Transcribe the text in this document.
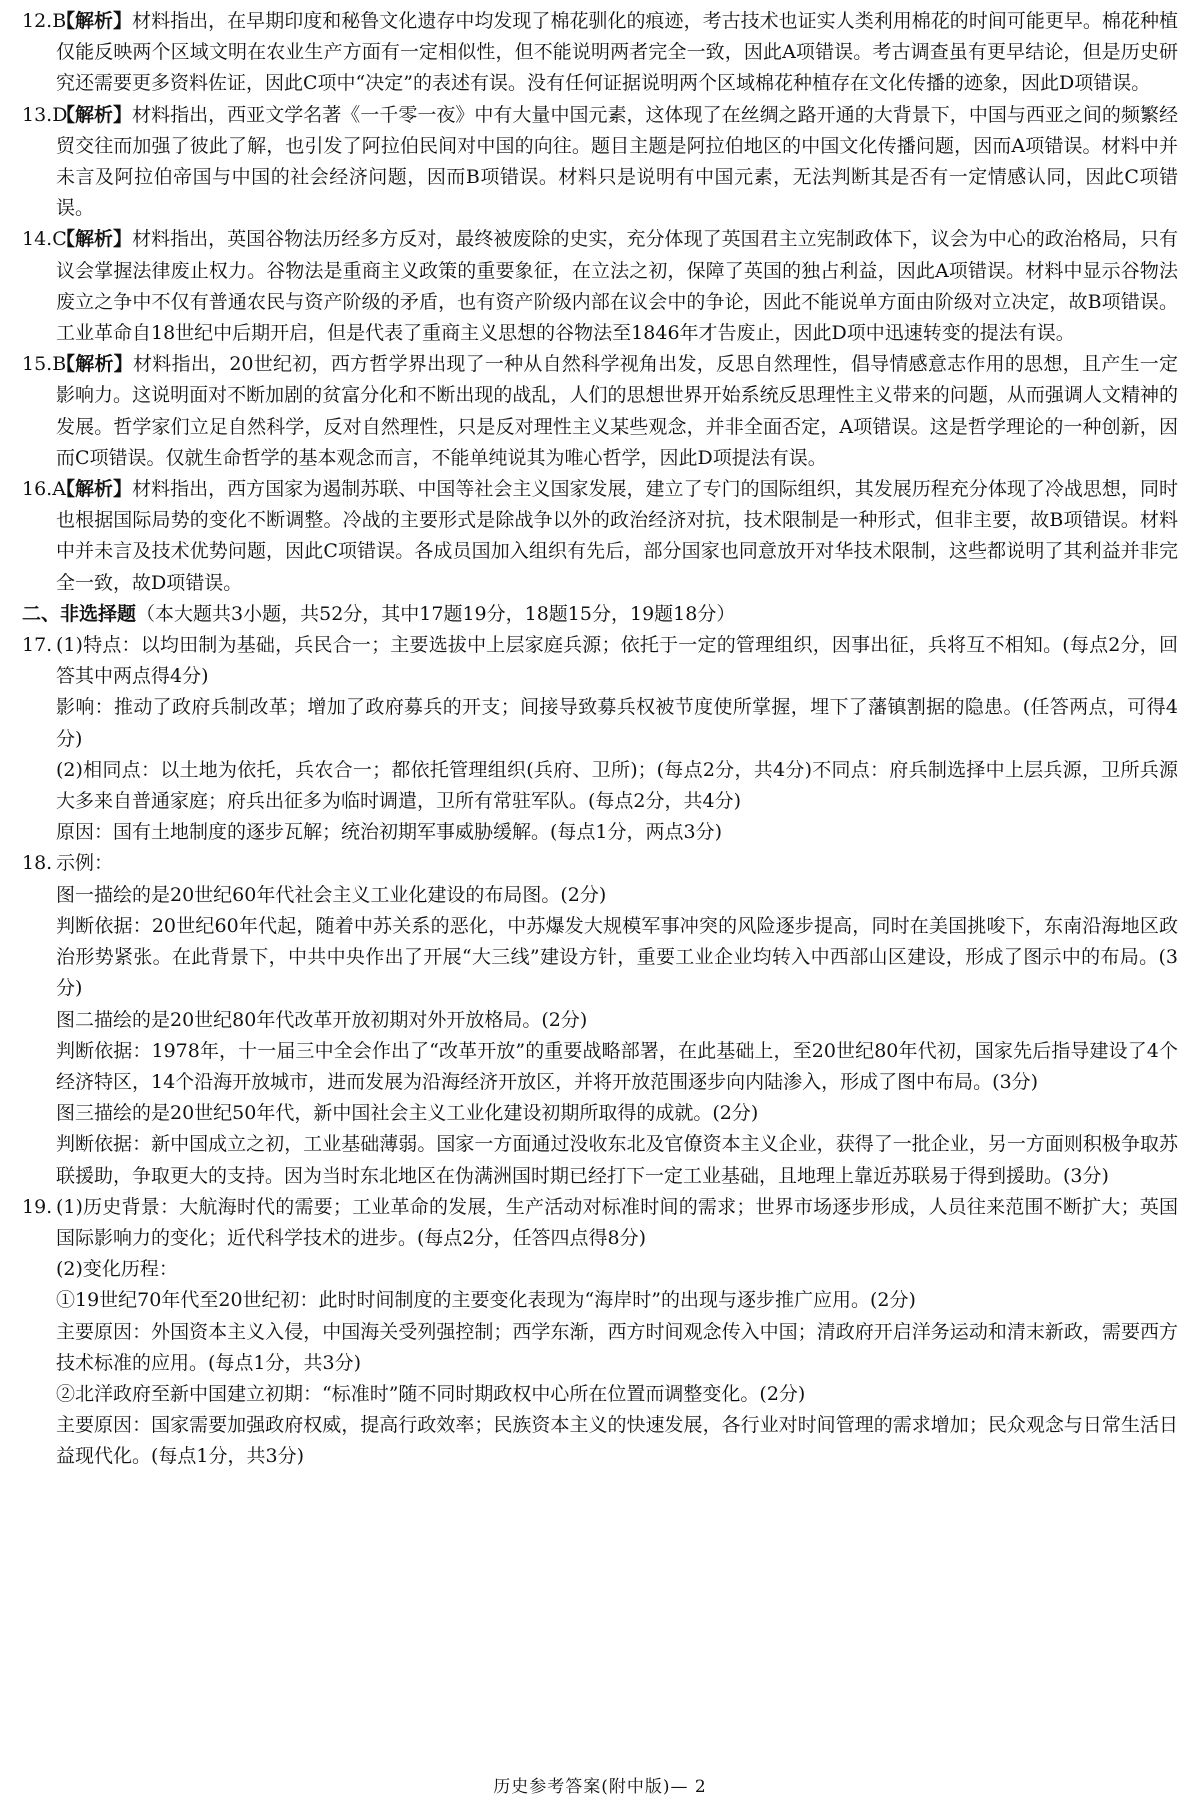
12.B

【解析】材料指出，在早期印度和秘鲁文化遗存中均发现了棉花驯化的痕迹，考古技术也证实人类利用棉花的时间可能更早。棉花种植仅能反映两个区域文明在农业生产方面有一定相似性，但不能说明两者完全一致，因此A项错误。考古调查虽有更早结论，但是历史研究还需要更多资料佐证，因此C项中“决定”的表述有误。没有任何证据说明两个区域棉花种植存在文化传播的迹象，因此D项错误。

13.D

【解析】材料指出，西亚文学名著《一千零一夜》中有大量中国元素，这体现了在丝绸之路开通的大背景下，中国与西亚之间的频繁经贸交往而加强了彼此了解，也引发了阿拉伯民间对中国的向往。题目主题是阿拉伯地区的中国文化传播问题，因而A项错误。材料中并未言及阿拉伯帝国与中国的社会经济问题，因而B项错误。材料只是说明有中国元素，无法判断其是否有一定情感认同，因此C项错误。

14.C

【解析】材料指出，英国谷物法历经多方反对，最终被废除的史实，充分体现了英国君主立宪制政体下，议会为中心的政治格局，只有议会掌握法律废止权力。谷物法是重商主义政策的重要象征，在立法之初，保障了英国的独占利益，因此A项错误。材料中显示谷物法废立之争中不仅有普通农民与资产阶级的矛盾，也有资产阶级内部在议会中的争论，因此不能说单方面由阶级对立决定，故B项错误。工业革命自18世纪中后期开启，但是代表了重商主义思想的谷物法至1846年才告废止，因此D项中迅速转变的提法有误。

15.B

【解析】材料指出，20世纪初，西方哲学界出现了一种从自然科学视角出发，反思自然理性，倡导情感意志作用的思想，且产生一定影响力。这说明面对不断加剧的贫富分化和不断出现的战乱，人们的思想世界开始系统反思理性主义带来的问题，从而强调人文精神的发展。哲学家们立足自然科学，反对自然理性，只是反对理性主义某些观念，并非全面否定，A项错误。这是哲学理论的一种创新，因而C项错误。仅就生命哲学的基本观念而言，不能单纯说其为唯心哲学，因此D项提法有误。

16.A

【解析】材料指出，西方国家为遏制苏联、中国等社会主义国家发展，建立了专门的国际组织，其发展历程充分体现了冷战思想，同时也根据国际局势的变化不断调整。冷战的主要形式是除战争以外的政治经济对抗，技术限制是一种形式，但非主要，故B项错误。材料中并未言及技术优势问题，因此C项错误。各成员国加入组织有先后，部分国家也同意放开对华技术限制，这些都说明了其利益并非完全一致，故D项错误。

二、非选择题（本大题共3小题，共52分，其中17题19分，18题15分，19题18分）

17. (1)特点：以均田制为基础，兵民合一；主要选拔中上层家庭兵源；依托于一定的管理组织，因事出征，兵将互不相知。(每点2分，回答其中两点得4分)

影响：推动了政府兵制改革；增加了政府募兵的开支；间接导致募兵权被节度使所掌握，埋下了藩镇割据的隐患。(任答两点，可得4分)

(2)相同点：以土地为依托，兵农合一；都依托管理组织(兵府、卫所)；(每点2分，共4分)不同点：府兵制选择中上层兵源，卫所兵源大多来自普通家庭；府兵出征多为临时调遣，卫所有常驻军队。(每点2分，共4分)

原因：国有土地制度的逐步瓦解；统治初期军事威胁缓解。(每点1分，两点3分)

18. 示例：

图一描绘的是20世纪60年代社会主义工业化建设的布局图。(2分)

判断依据：20世纪60年代起，随着中苏关系的恶化，中苏爆发大规模军事冲突的风险逐步提高，同时在美国挑唆下，东南沿海地区政治形势紧张。在此背景下，中共中央作出了开展“大三线”建设方针，重要工业企业均转入中西部山区建设，形成了图示中的布局。(3分)

图二描绘的是20世纪80年代改革开放初期对外开放格局。(2分)

判断依据：1978年，十一届三中全会作出了“改革开放”的重要战略部署，在此基础上，至20世纪80年代初，国家先后指导建设了4个经济特区，14个沿海开放城市，进而发展为沿海经济开放区，并将开放范围逐步向内陆渗入，形成了图中布局。(3分)

图三描绘的是20世纪50年代，新中国社会主义工业化建设初期所取得的成就。(2分)

判断依据：新中国成立之初，工业基础薄弱。国家一方面通过没收东北及官僚资本主义企业，获得了一批企业，另一方面则积极争取苏联援助，争取更大的支持。因为当时东北地区在伪满洲国时期已经打下一定工业基础，且地理上靠近苏联易于得到援助。(3分)

19. (1)历史背景：大航海时代的需要；工业革命的发展，生产活动对标准时间的需求；世界市场逐步形成，人员往来范围不断扩大；英国国际影响力的变化；近代科学技术的进步。(每点2分，任答四点得8分)

(2)变化历程：

①19世纪70年代至20世纪初：此时时间制度的主要变化表现为“海岸时”的出现与逐步推广应用。(2分)

主要原因：外国资本主义入侵，中国海关受列强控制；西学东渐，西方时间观念传入中国；清政府开启洋务运动和清末新政，需要西方技术标准的应用。(每点1分，共3分)

②北洋政府至新中国建立初期：“标准时”随不同时期政权中心所在位置而调整变化。(2分)

主要原因：国家需要加强政府权威，提高行政效率；民族资本主义的快速发展，各行业对时间管理的需求增加；民众观念与日常生活日益现代化。(每点1分，共3分)

历史参考答案(附中版)— 2
